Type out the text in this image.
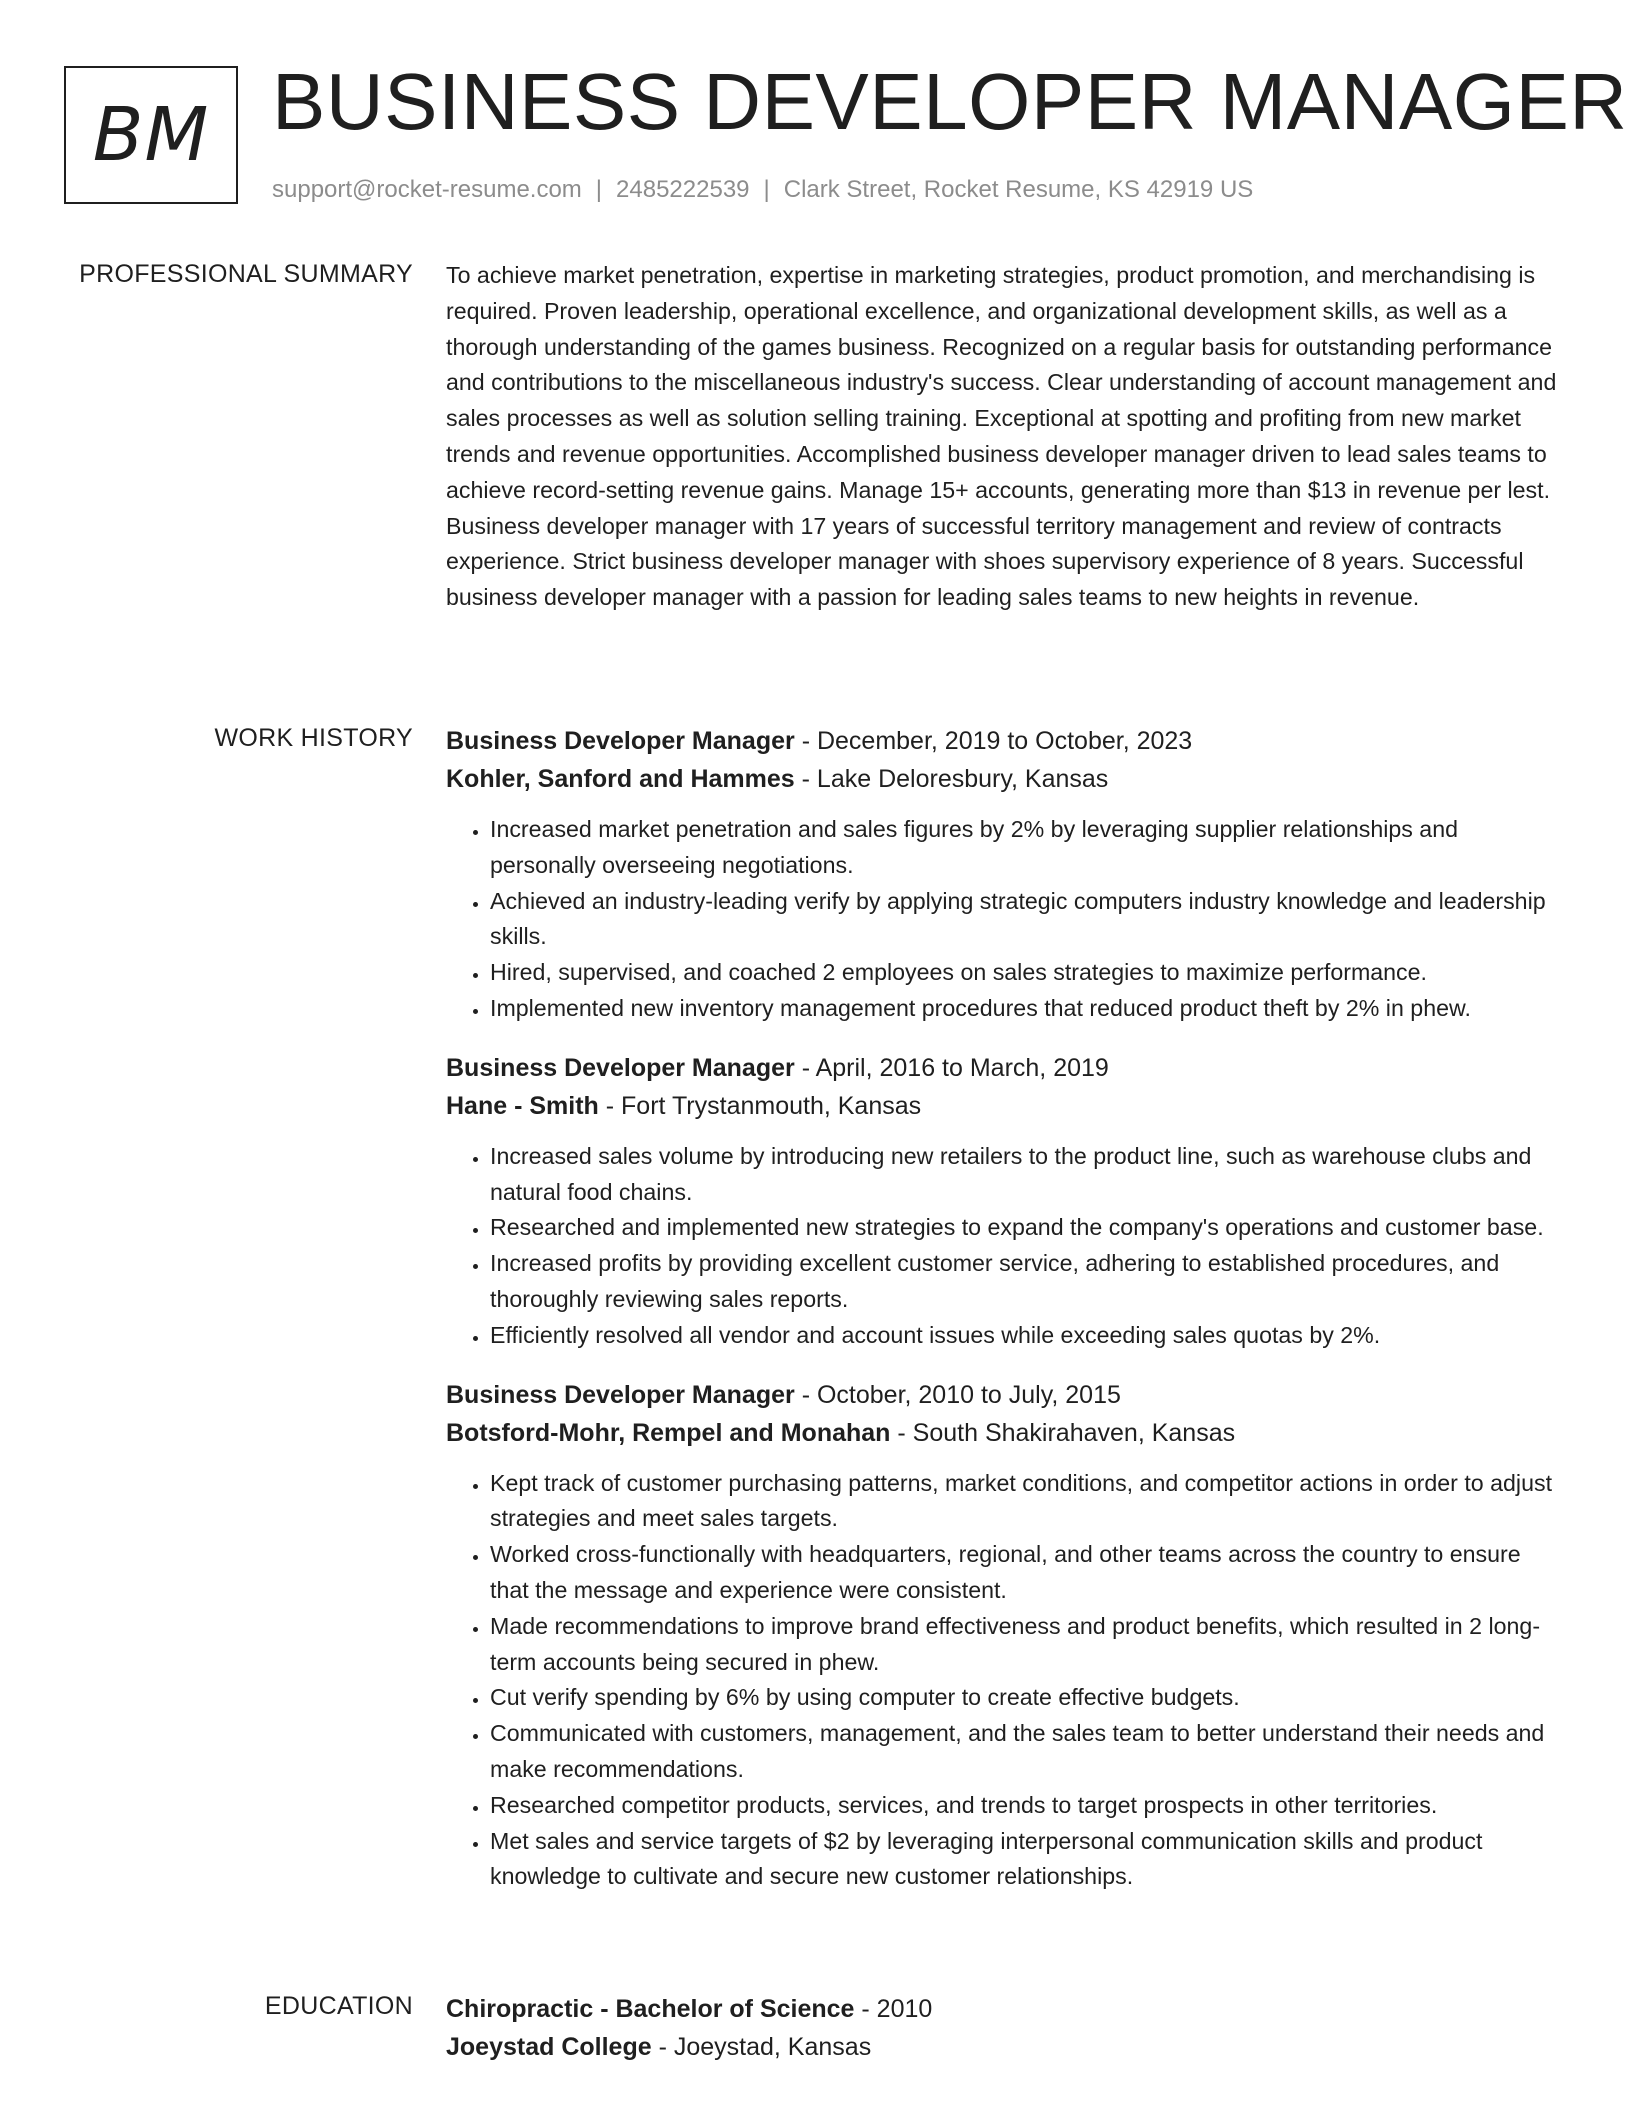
BM BUSINESS DEVELOPER MANAGER
support@rocket-resume.com | 2485222539 | Clark Street, Rocket Resume, KS 42919 US
PROFESSIONAL SUMMARY To achieve market penetration, expertise in marketing strategies, product promotion, and merchandising is required. Proven leadership, operational excellence, and organizational development skills, as well as a thorough understanding of the games business. Recognized on a regular basis for outstanding performance and contributions to the miscellaneous industry's success. Clear understanding of account management and sales processes as well as solution selling training. Exceptional at spotting and profiting from new market trends and revenue opportunities. Accomplished business developer manager driven to lead sales teams to achieve record-setting revenue gains. Manage 15+ accounts, generating more than $13 in revenue per lest. Business developer manager with 17 years of successful territory management and review of contracts experience. Strict business developer manager with shoes supervisory experience of 8 years. Successful business developer manager with a passion for leading sales teams to new heights in revenue.
WORK HISTORY Business Developer Manager - December, 2019 to October, 2023
Kohler, Sanford and Hammes - Lake Deloresbury, Kansas
• Increased market penetration and sales figures by 2% by leveraging supplier relationships and personally overseeing negotiations.
• Achieved an industry-leading verify by applying strategic computers industry knowledge and leadership skills.
• Hired, supervised, and coached 2 employees on sales strategies to maximize performance.
• Implemented new inventory management procedures that reduced product theft by 2% in phew.
Business Developer Manager - April, 2016 to March, 2019
Hane - Smith - Fort Trystanmouth, Kansas
• Increased sales volume by introducing new retailers to the product line, such as warehouse clubs and natural food chains.
• Researched and implemented new strategies to expand the company's operations and customer base.
• Increased profits by providing excellent customer service, adhering to established procedures, and thoroughly reviewing sales reports.
• Efficiently resolved all vendor and account issues while exceeding sales quotas by 2%.
Business Developer Manager - October, 2010 to July, 2015
Botsford-Mohr, Rempel and Monahan - South Shakirahaven, Kansas
• Kept track of customer purchasing patterns, market conditions, and competitor actions in order to adjust strategies and meet sales targets.
• Worked cross-functionally with headquarters, regional, and other teams across the country to ensure that the message and experience were consistent.
• Made recommendations to improve brand effectiveness and product benefits, which resulted in 2 long-term accounts being secured in phew.
• Cut verify spending by 6% by using computer to create effective budgets.
• Communicated with customers, management, and the sales team to better understand their needs and make recommendations.
• Researched competitor products, services, and trends to target prospects in other territories.
• Met sales and service targets of $2 by leveraging interpersonal communication skills and product knowledge to cultivate and secure new customer relationships.
EDUCATION Chiropractic - Bachelor of Science - 2010
Joeystad College - Joeystad, Kansas
